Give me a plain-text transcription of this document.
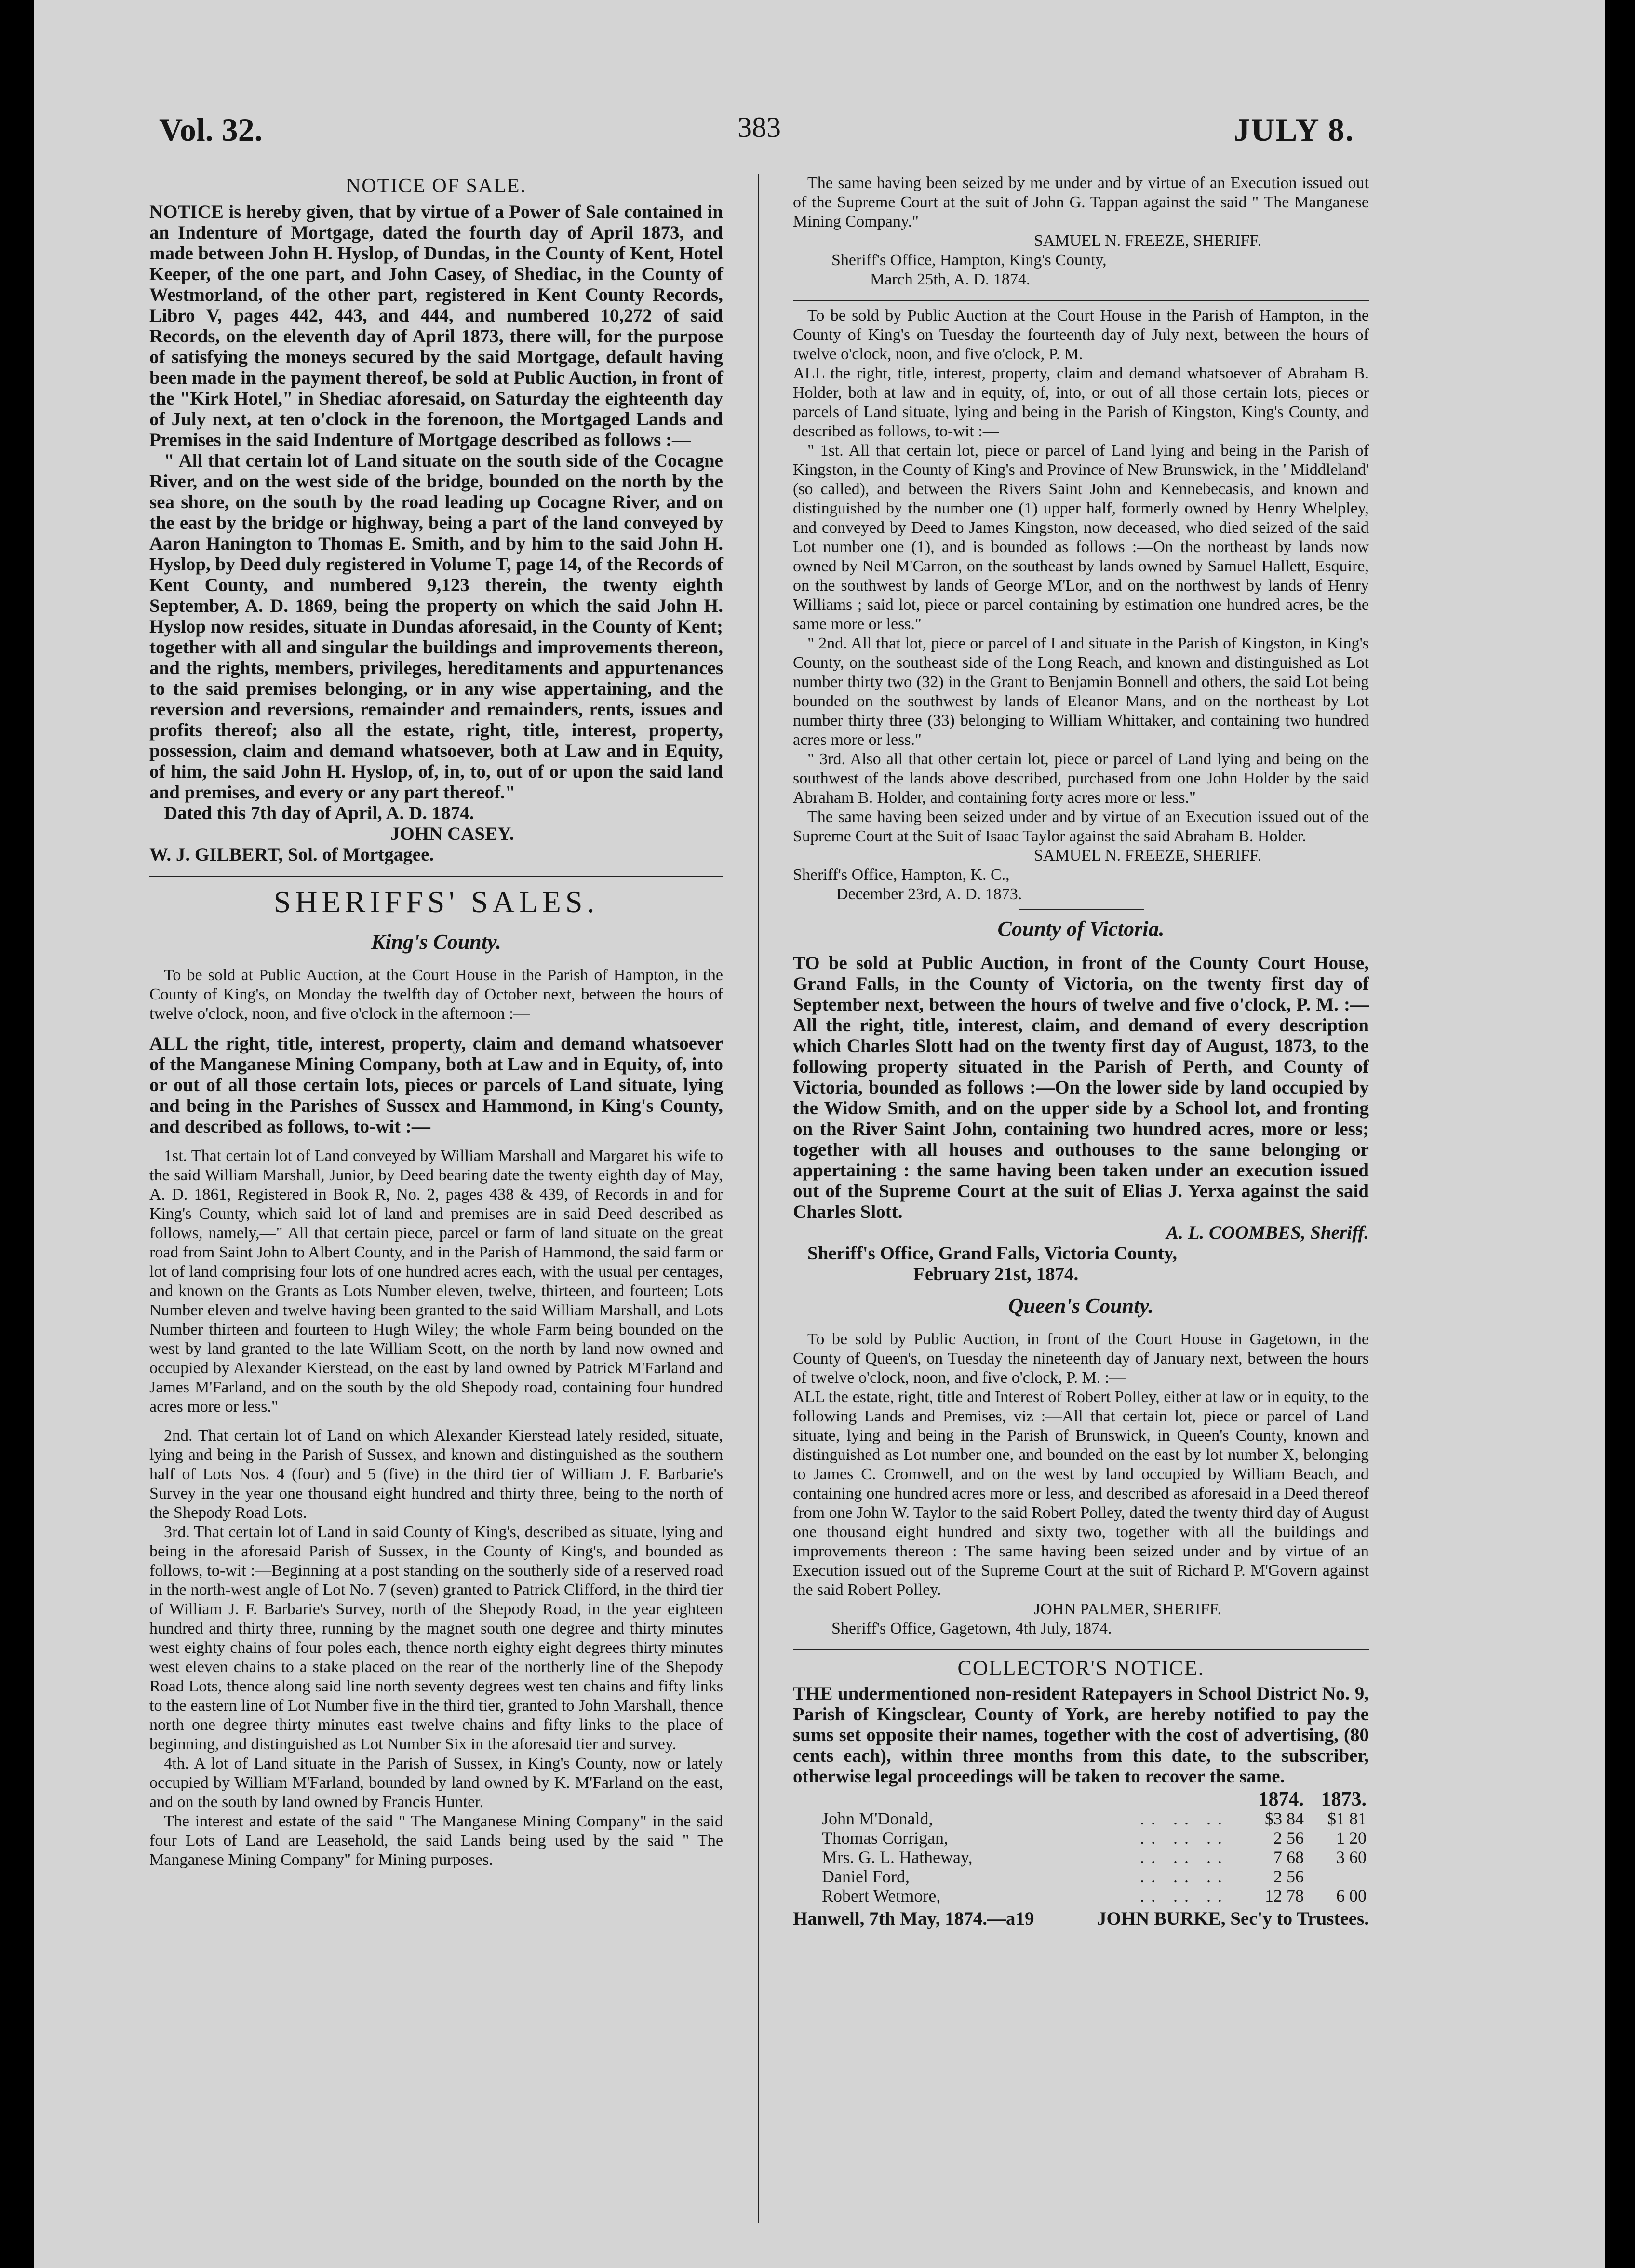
Vol. 32.	383	JULY 8.
NOTICE OF SALE.

NOTICE is hereby given, that by virtue of a Power of Sale contained in an Indenture of Mortgage, dated the fourth day of April 1873, and made between John H. Hyslop, of Dundas, in the County of Kent, Hotel Keeper, of the one part, and John Casey, of Shediac, in the County of Westmorland, of the other part, registered in Kent County Records, Libro V, pages 442, 443, and 444, and numbered 10,272 of said Records, on the eleventh day of April 1873, there will, for the purpose of satisfying the moneys secured by the said Mortgage, default having been made in the payment thereof, be sold at Public Auction, in front of the "Kirk Hotel," in Shediac aforesaid, on Saturday the eighteenth day of July next, at ten o'clock in the forenoon, the Mortgaged Lands and Premises in the said Indenture of Mortgage described as follows :—

" All that certain lot of Land situate on the south side of the Cocagne River, and on the west side of the bridge, bounded on the north by the sea shore, on the south by the road leading up Cocagne River, and on the east by the bridge or highway, being a part of the land conveyed by Aaron Hanington to Thomas E. Smith, and by him to the said John H. Hyslop, by Deed duly registered in Volume T, page 14, of the Records of Kent County, and numbered 9,123 therein, the twenty eighth September, A. D. 1869, being the property on which the said John H. Hyslop now resides, situate in Dundas aforesaid, in the County of Kent; together with all and singular the buildings and improvements thereon, and the rights, members, privileges, hereditaments and appurtenances to the said premises belonging, or in any wise appertaining, and the reversion and reversions, remainder and remainders, rents, issues and profits thereof; also all the estate, right, title, interest, property, possession, claim and demand whatsoever, both at Law and in Equity, of him, the said John H. Hyslop, of, in, to, out of or upon the said land and premises, and every or any part thereof."

Dated this 7th day of April, A. D. 1874.

JOHN CASEY.

W. J. GILBERT, Sol. of Mortgagee.

SHERIFFS' SALES.
King's County.

To be sold at Public Auction, at the Court House in the Parish of Hampton, in the County of King's, on Monday the twelfth day of October next, between the hours of twelve o'clock, noon, and five o'clock in the afternoon :—

ALL the right, title, interest, property, claim and demand whatsoever of the Manganese Mining Company, both at Law and in Equity, of, into or out of all those certain lots, pieces or parcels of Land situate, lying and being in the Parishes of Sussex and Hammond, in King's County, and described as follows, to-wit :—

1st. That certain lot of Land conveyed by William Marshall and Margaret his wife to the said William Marshall, Junior, by Deed bearing date the twenty eighth day of May, A. D. 1861, Registered in Book R, No. 2, pages 438 & 439, of Records in and for King's County, which said lot of land and premises are in said Deed described as follows, namely,—" All that certain piece, parcel or farm of land situate on the great road from Saint John to Albert County, and in the Parish of Hammond, the said farm or lot of land comprising four lots of one hundred acres each, with the usual per centages, and known on the Grants as Lots Number eleven, twelve, thirteen, and fourteen; Lots Number eleven and twelve having been granted to the said William Marshall, and Lots Number thirteen and fourteen to Hugh Wiley; the whole Farm being bounded on the west by land granted to the late William Scott, on the north by land now owned and occupied by Alexander Kierstead, on the east by land owned by Patrick M'Farland and James M'Farland, and on the south by the old Shepody road, containing four hundred acres more or less."

2nd. That certain lot of Land on which Alexander Kierstead lately resided, situate, lying and being in the Parish of Sussex, and known and distinguished as the southern half of Lots Nos. 4 (four) and 5 (five) in the third tier of William J. F. Barbarie's Survey in the year one thousand eight hundred and thirty three, being to the north of the Shepody Road Lots.

3rd. That certain lot of Land in said County of King's, described as situate, lying and being in the aforesaid Parish of Sussex, in the County of King's, and bounded as follows, to-wit :—Beginning at a post standing on the southerly side of a reserved road in the north-west angle of Lot No. 7 (seven) granted to Patrick Clifford, in the third tier of William J. F. Barbarie's Survey, north of the Shepody Road, in the year eighteen hundred and thirty three, running by the magnet south one degree and thirty minutes west eighty chains of four poles each, thence north eighty eight degrees thirty minutes west eleven chains to a stake placed on the rear of the northerly line of the Shepody Road Lots, thence along said line north seventy degrees west ten chains and fifty links to the eastern line of Lot Number five in the third tier, granted to John Marshall, thence north one degree thirty minutes east twelve chains and fifty links to the place of beginning, and distinguished as Lot Number Six in the aforesaid tier and survey.

4th. A lot of Land situate in the Parish of Sussex, in King's County, now or lately occupied by William M'Farland, bounded by land owned by K. M'Farland on the east, and on the south by land owned by Francis Hunter.

The interest and estate of the said " The Manganese Mining Company" in the said four Lots of Land are Leasehold, the said Lands being used by the said " The Manganese Mining Company" for Mining purposes.

The same having been seized by me under and by virtue of an Execution issued out of the Supreme Court at the suit of John G. Tappan against the said " The Manganese Mining Company."

SAMUEL N. FREEZE, SHERIFF.

Sheriff's Office, Hampton, King's County,

March 25th, A. D. 1874.

To be sold by Public Auction at the Court House in the Parish of Hampton, in the County of King's on Tuesday the fourteenth day of July next, between the hours of twelve o'clock, noon, and five o'clock, P. M.

ALL the right, title, interest, property, claim and demand whatsoever of Abraham B. Holder, both at law and in equity, of, into, or out of all those certain lots, pieces or parcels of Land situate, lying and being in the Parish of Kingston, King's County, and described as follows, to-wit :—

" 1st. All that certain lot, piece or parcel of Land lying and being in the Parish of Kingston, in the County of King's and Province of New Brunswick, in the ' Middleland' (so called), and between the Rivers Saint John and Kennebecasis, and known and distinguished by the number one (1) upper half, formerly owned by Henry Whelpley, and conveyed by Deed to James Kingston, now deceased, who died seized of the said Lot number one (1), and is bounded as follows :—On the northeast by lands now owned by Neil M'Carron, on the southeast by lands owned by Samuel Hallett, Esquire, on the southwest by lands of George M'Lor, and on the northwest by lands of Henry Williams ; said lot, piece or parcel containing by estimation one hundred acres, be the same more or less."

" 2nd. All that lot, piece or parcel of Land situate in the Parish of Kingston, in King's County, on the southeast side of the Long Reach, and known and distinguished as Lot number thirty two (32) in the Grant to Benjamin Bonnell and others, the said Lot being bounded on the southwest by lands of Eleanor Mans, and on the northeast by Lot number thirty three (33) belonging to William Whittaker, and containing two hundred acres more or less."

" 3rd. Also all that other certain lot, piece or parcel of Land lying and being on the southwest of the lands above described, purchased from one John Holder by the said Abraham B. Holder, and containing forty acres more or less."

The same having been seized under and by virtue of an Execution issued out of the Supreme Court at the Suit of Isaac Taylor against the said Abraham B. Holder.

SAMUEL N. FREEZE, SHERIFF.

Sheriff's Office, Hampton, K. C.,

December 23rd, A. D. 1873.

County of Victoria.

TO be sold at Public Auction, in front of the County Court House, Grand Falls, in the County of Victoria, on the twenty first day of September next, between the hours of twelve and five o'clock, P. M. :—All the right, title, interest, claim, and demand of every description which Charles Slott had on the twenty first day of August, 1873, to the following property situated in the Parish of Perth, and County of Victoria, bounded as follows :—On the lower side by land occupied by the Widow Smith, and on the upper side by a School lot, and fronting on the River Saint John, containing two hundred acres, more or less; together with all houses and outhouses to the same belonging or appertaining : the same having been taken under an execution issued out of the Supreme Court at the suit of Elias J. Yerxa against the said Charles Slott.

A. L. COOMBES, Sheriff.

Sheriff's Office, Grand Falls, Victoria County,

February 21st, 1874.

Queen's County.

To be sold by Public Auction, in front of the Court House in Gagetown, in the County of Queen's, on Tuesday the nineteenth day of January next, between the hours of twelve o'clock, noon, and five o'clock, P. M. :—

ALL the estate, right, title and Interest of Robert Polley, either at law or in equity, to the following Lands and Premises, viz :—All that certain lot, piece or parcel of Land situate, lying and being in the Parish of Brunswick, in Queen's County, known and distinguished as Lot number one, and bounded on the east by lot number X, belonging to James C. Cromwell, and on the west by land occupied by William Beach, and containing one hundred acres more or less, and described as aforesaid in a Deed thereof from one John W. Taylor to the said Robert Polley, dated the twenty third day of August one thousand eight hundred and sixty two, together with all the buildings and improvements thereon : The same having been seized under and by virtue of an Execution issued out of the Supreme Court at the suit of Richard P. M'Govern against the said Robert Polley.

JOHN PALMER, SHERIFF.

Sheriff's Office, Gagetown, 4th July, 1874.

COLLECTOR'S NOTICE.

THE undermentioned non-resident Ratepayers in School District No. 9, Parish of Kingsclear, County of York, are hereby notified to pay the sums set opposite their names, together with the cost of advertising, (80 cents each), within three months from this date, to the subscriber, otherwise legal proceedings will be taken to recover the same.

		1874.	1873.
John M'Donald,	.. .. ..	$3 84	$1 81
Thomas Corrigan,	.. .. ..	2 56	1 20
Mrs. G. L. Hatheway,	.. .. ..	7 68	3 60
Daniel Ford,	.. .. ..	2 56	
Robert Wetmore,	.. .. ..	12 78	6 00

Hanwell, 7th May, 1874.—a19	JOHN BURKE, Sec'y to Trustees.
